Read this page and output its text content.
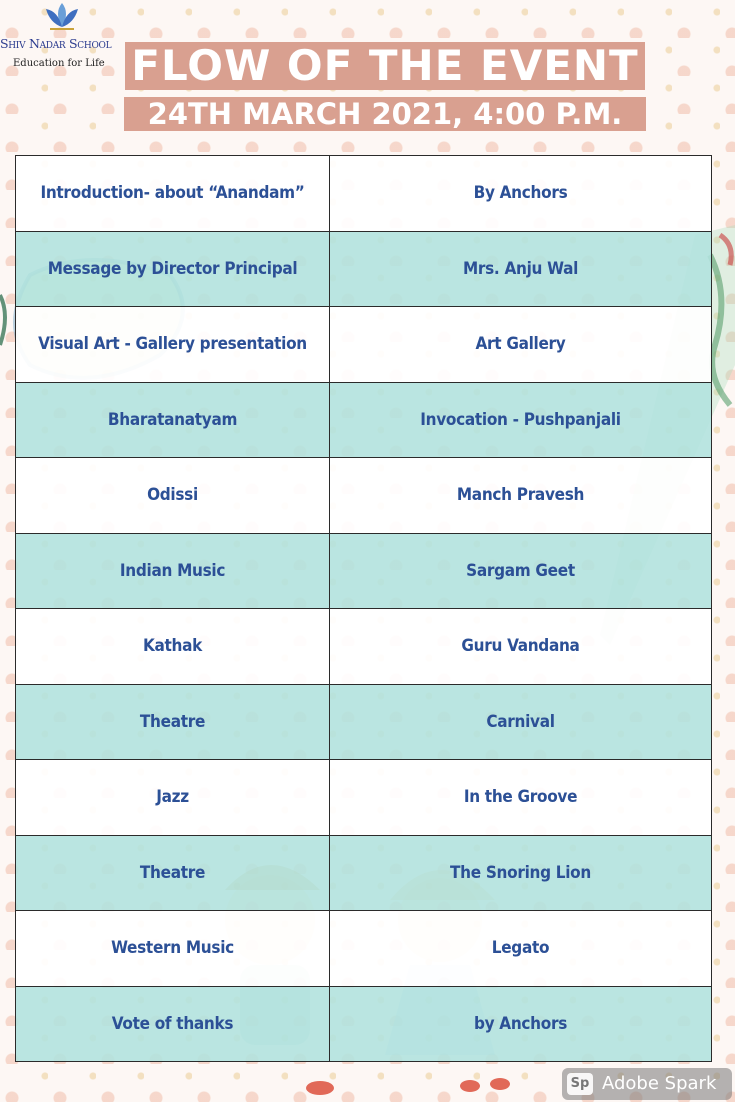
Shiv Nadar School
Education for Life FLOW OF THE EVENT
24TH MARCH 2021, 4:00 P.M.
Introduction- about “Anandam”	By Anchors
Message by Director Principal	Mrs. Anju Wal
Visual Art - Gallery presentation	Art Gallery
Bharatanatyam	Invocation - Pushpanjali
Odissi	Manch Pravesh
Indian Music	Sargam Geet
Kathak	Guru Vandana
Theatre	Carnival
Jazz	In the Groove
Theatre	The Snoring Lion
Western Music	Legato
Vote of thanks	by Anchors
Sp Adobe Spark
